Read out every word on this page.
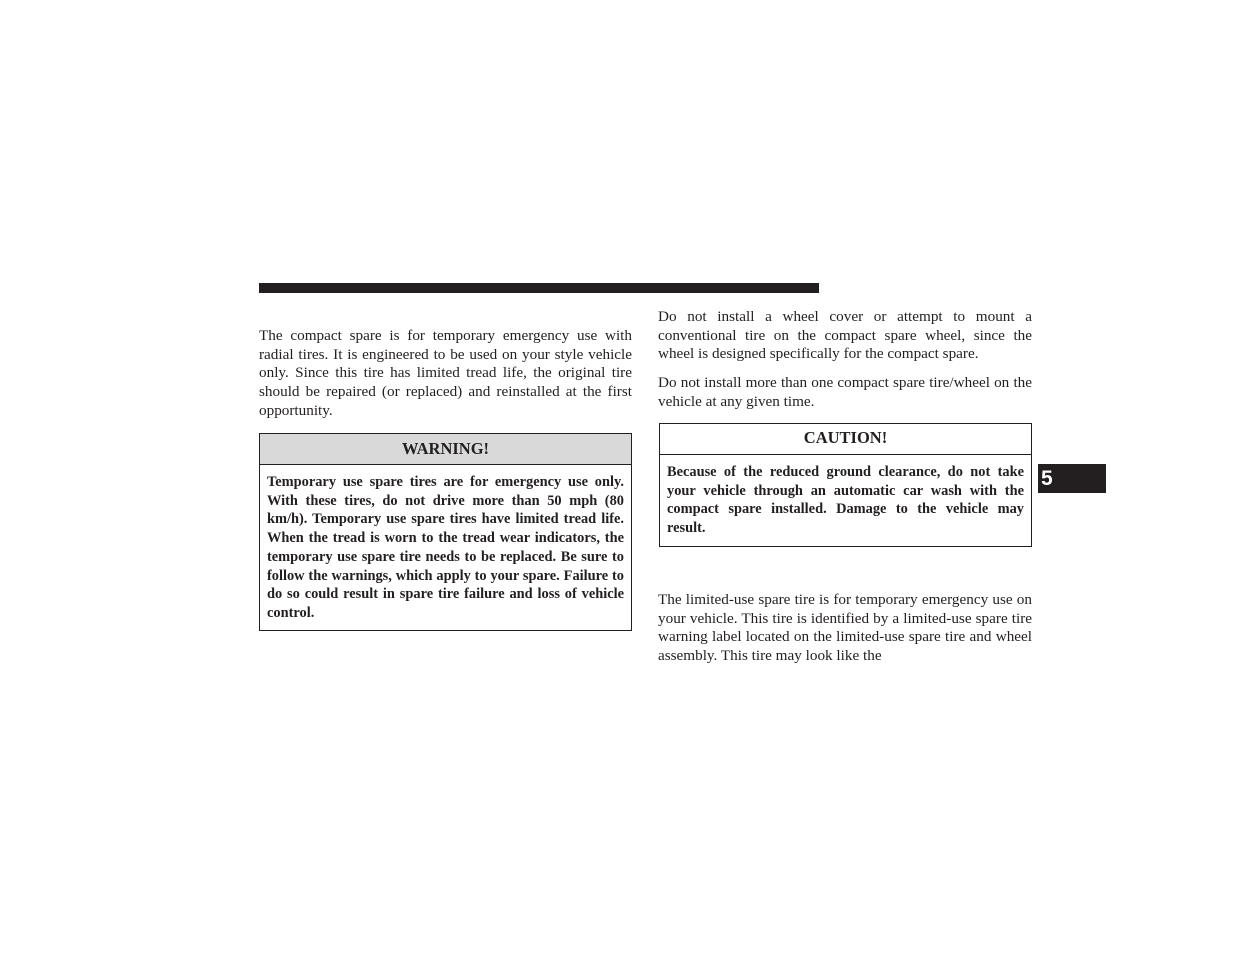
The compact spare is for temporary emergency use with radial tires. It is engineered to be used on your style vehicle only. Since this tire has limited tread life, the original tire should be repaired (or replaced) and reinstalled at the first opportunity.

WARNING!

Temporary use spare tires are for emergency use only. With these tires, do not drive more than 50 mph (80 km/h). Temporary use spare tires have limited tread life. When the tread is worn to the tread wear indicators, the temporary use spare tire needs to be replaced. Be sure to follow the warnings, which apply to your spare. Failure to do so could result in spare tire failure and loss of vehicle control.

Do not install a wheel cover or attempt to mount a conventional tire on the compact spare wheel, since the wheel is designed specifically for the compact spare.

Do not install more than one compact spare tire/wheel on the vehicle at any given time.

CAUTION!

Because of the reduced ground clearance, do not take your vehicle through an automatic car wash with the compact spare installed. Damage to the vehicle may result.

The limited-use spare tire is for temporary emergency use on your vehicle. This tire is identified by a limited-use spare tire warning label located on the limited-use spare tire and wheel assembly. This tire may look like the

5
